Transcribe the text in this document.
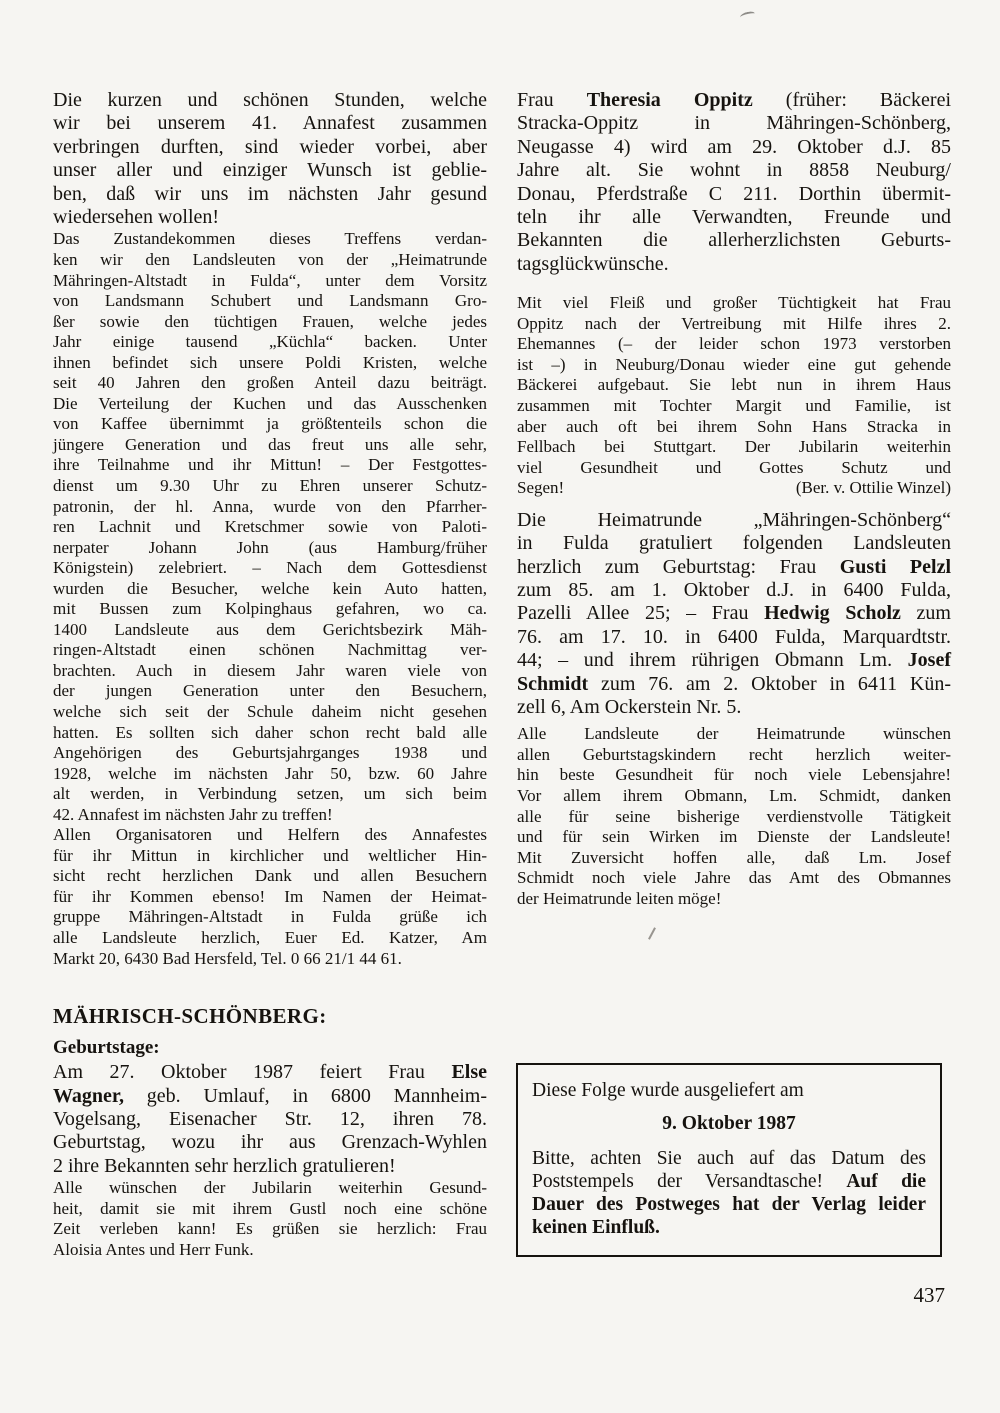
Die kurzen und schönen Stunden, welche
wir bei unserem 41. Annafest zusammen
verbringen durften, sind wieder vorbei, aber
unser aller und einziger Wunsch ist geblie-
ben, daß wir uns im nächsten Jahr gesund
wiedersehen wollen!
Das Zustandekommen dieses Treffens verdan-
ken wir den Landsleuten von der „Heimatrunde
Mähringen-Altstadt in Fulda“, unter dem Vorsitz
von Landsmann Schubert und Landsmann Gro-
ßer sowie den tüchtigen Frauen, welche jedes
Jahr einige tausend „Küchla“ backen. Unter
ihnen befindet sich unsere Poldi Kristen, welche
seit 40 Jahren den großen Anteil dazu beiträgt.
Die Verteilung der Kuchen und das Ausschenken
von Kaffee übernimmt ja größtenteils schon die
jüngere Generation und das freut uns alle sehr,
ihre Teilnahme und ihr Mittun! – Der Festgottes-
dienst um 9.30 Uhr zu Ehren unserer Schutz-
patronin, der hl. Anna, wurde von den Pfarrher-
ren Lachnit und Kretschmer sowie von Paloti-
nerpater Johann John (aus Hamburg/früher
Königstein) zelebriert. – Nach dem Gottesdienst
wurden die Besucher, welche kein Auto hatten,
mit Bussen zum Kolpinghaus gefahren, wo ca.
1400 Landsleute aus dem Gerichtsbezirk Mäh-
ringen-Altstadt einen schönen Nachmittag ver-
brachten. Auch in diesem Jahr waren viele von
der jungen Generation unter den Besuchern,
welche sich seit der Schule daheim nicht gesehen
hatten. Es sollten sich daher schon recht bald alle
Angehörigen des Geburtsjahrganges 1938 und
1928, welche im nächsten Jahr 50, bzw. 60 Jahre
alt werden, in Verbindung setzen, um sich beim
42. Annafest im nächsten Jahr zu treffen!
Allen Organisatoren und Helfern des Annafestes
für ihr Mittun in kirchlicher und weltlicher Hin-
sicht recht herzlichen Dank und allen Besuchern
für ihr Kommen ebenso! Im Namen der Heimat-
gruppe Mähringen-Altstadt in Fulda grüße ich
alle Landsleute herzlich, Euer Ed. Katzer, Am
Markt 20, 6430 Bad Hersfeld, Tel. 0 66 21/1 44 61.
MÄHRISCH-SCHÖNBERG:
Geburtstage:
Am 27. Oktober 1987 feiert Frau Else
Wagner, geb. Umlauf, in 6800 Mannheim-
Vogelsang, Eisenacher Str. 12, ihren 78.
Geburtstag, wozu ihr aus Grenzach-Wyhlen
2 ihre Bekannten sehr herzlich gratulieren!
Alle wünschen der Jubilarin weiterhin Gesund-
heit, damit sie mit ihrem Gustl noch eine schöne
Zeit verleben kann! Es grüßen sie herzlich: Frau
Aloisia Antes und Herr Funk.
Frau Theresia Oppitz (früher: Bäckerei
Stracka-Oppitz in Mähringen-Schönberg,
Neugasse 4) wird am 29. Oktober d.J. 85
Jahre alt. Sie wohnt in 8858 Neuburg/
Donau, Pferdstraße C 211. Dorthin übermit-
teln ihr alle Verwandten, Freunde und
Bekannten die allerherzlichsten Geburts-
tagsglückwünsche.
Mit viel Fleiß und großer Tüchtigkeit hat Frau
Oppitz nach der Vertreibung mit Hilfe ihres 2.
Ehemannes (– der leider schon 1973 verstorben
ist –) in Neuburg/Donau wieder eine gut gehende
Bäckerei aufgebaut. Sie lebt nun in ihrem Haus
zusammen mit Tochter Margit und Familie, ist
aber auch oft bei ihrem Sohn Hans Stracka in
Fellbach bei Stuttgart. Der Jubilarin weiterhin
viel Gesundheit und Gottes Schutz und
Segen!	(Ber. v. Ottilie Winzel)
Die Heimatrunde „Mähringen-Schönberg“
in Fulda gratuliert folgenden Landsleuten
herzlich zum Geburtstag: Frau Gusti Pelzl
zum 85. am 1. Oktober d.J. in 6400 Fulda,
Pazelli Allee 25; – Frau Hedwig Scholz zum
76. am 17. 10. in 6400 Fulda, Marquardtstr.
44; – und ihrem rührigen Obmann Lm. Josef
Schmidt zum 76. am 2. Oktober in 6411 Kün-
zell 6, Am Ockerstein Nr. 5.
Alle Landsleute der Heimatrunde wünschen
allen Geburtstagskindern recht herzlich weiter-
hin beste Gesundheit für noch viele Lebensjahre!
Vor allem ihrem Obmann, Lm. Schmidt, danken
alle für seine bisherige verdienstvolle Tätigkeit
und für sein Wirken im Dienste der Landsleute!
Mit Zuversicht hoffen alle, daß Lm. Josef
Schmidt noch viele Jahre das Amt des Obmannes
der Heimatrunde leiten möge!
Diese Folge wurde ausgeliefert am
9. Oktober 1987
Bitte, achten Sie auch auf das Datum des
Poststempels der Versandtasche! Auf die
Dauer des Postweges hat der Verlag leider
keinen Einfluß.
437
